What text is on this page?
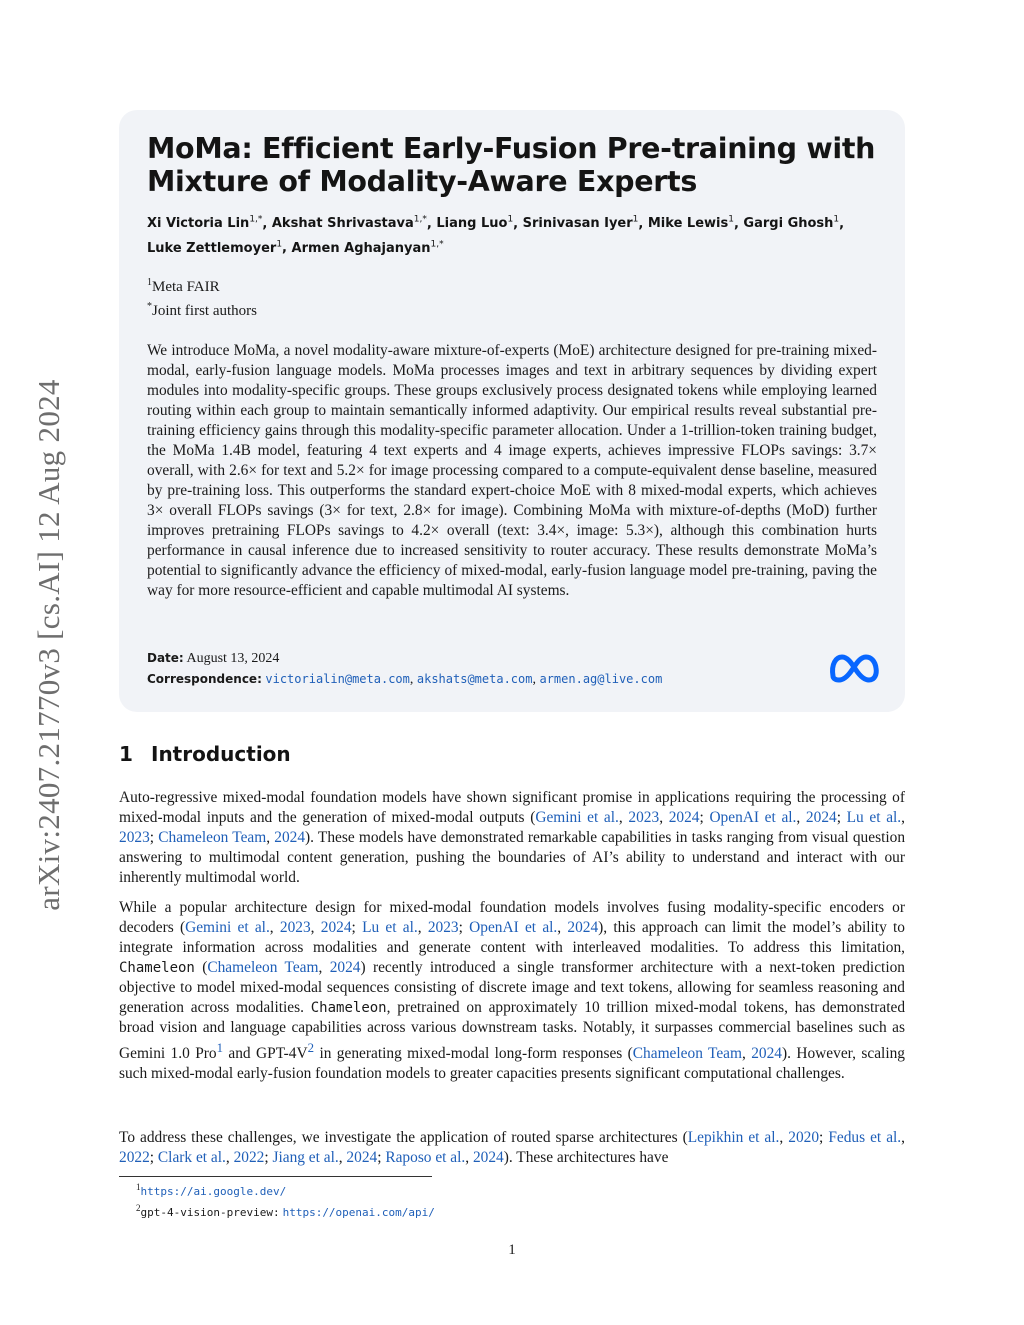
arXiv:2407.21770v3 [cs.AI] 12 Aug 2024
MoMa: Efficient Early-Fusion Pre-training with Mixture of Modality-Aware Experts
Xi Victoria Lin$^{1,*}$, Akshat Shrivastava$^{1,*}$, Liang Luo$^1$, Srinivasan Iyer$^1$, Mike Lewis$^1$, Gargi Ghosh$^1$,
Luke Zettlemoyer$^1$, Armen Aghajanyan$^{1,*}$
$^1$Meta FAIR
*Joint first authors

We introduce MoMa, a novel modality-aware mixture-of-experts (MoE) architecture designed for pre-training mixed-modal, early-fusion language models. MoMa processes images and text in arbitrary sequences by dividing expert modules into modality-specific groups. These groups exclusively process designated tokens while employing learned routing within each group to maintain semantically informed adaptivity. Our empirical results reveal substantial pre-training efficiency gains through this modality-specific parameter allocation. Under a 1-trillion-token training budget, the MoMa 1.4B model, featuring 4 text experts and 4 image experts, achieves impressive FLOPs savings: 3.7× overall, with 2.6× for text and 5.2× for image processing compared to a compute-equivalent dense baseline, measured by pre-training loss. This outperforms the standard expert-choice MoE with 8 mixed-modal experts, which achieves 3× overall FLOPs savings (3× for text, 2.8× for image). Combining MoMa with mixture-of-depths (MoD) further improves pretraining FLOPs savings to 4.2× overall (text: 3.4×, image: 5.3×), although this combination hurts performance in causal inference due to increased sensitivity to router accuracy. These results demonstrate MoMa’s potential to significantly advance the efficiency of mixed-modal, early-fusion language model pre-training, paving the way for more resource-efficient and capable multimodal AI systems.

Date: August 13, 2024
Correspondence: victorialin@meta.com, akshats@meta.com, armen.ag@live.com
1 Introduction

Auto-regressive mixed-modal foundation models have shown significant promise in applications requiring the processing of mixed-modal inputs and the generation of mixed-modal outputs (Gemini et al., 2023, 2024; OpenAI et al., 2024; Lu et al., 2023; Chameleon Team, 2024). These models have demonstrated remarkable capabilities in tasks ranging from visual question answering to multimodal content generation, pushing the boundaries of AI’s ability to understand and interact with our inherently multimodal world.

While a popular architecture design for mixed-modal foundation models involves fusing modality-specific encoders or decoders (Gemini et al., 2023, 2024; Lu et al., 2023; OpenAI et al., 2024), this approach can limit the model’s ability to integrate information across modalities and generate content with interleaved modalities. To address this limitation, Chameleon (Chameleon Team, 2024) recently introduced a single transformer architecture with a next-token prediction objective to model mixed-modal sequences consisting of discrete image and text tokens, allowing for seamless reasoning and generation across modalities. Chameleon, pretrained on approximately 10 trillion mixed-modal tokens, has demonstrated broad vision and language capabilities across various downstream tasks. Notably, it surpasses commercial baselines such as Gemini 1.0 Pro$^1$ and GPT-4V$^2$ in generating mixed-modal long-form responses (Chameleon Team, 2024). However, scaling such mixed-modal early-fusion foundation models to greater capacities presents significant computational challenges.

To address these challenges, we investigate the application of routed sparse architectures (Lepikhin et al., 2020; Fedus et al., 2022; Clark et al., 2022; Jiang et al., 2024; Raposo et al., 2024). These architectures have

$^1$https://ai.google.dev/
$^2$gpt-4-vision-preview: https://openai.com/api/
1
